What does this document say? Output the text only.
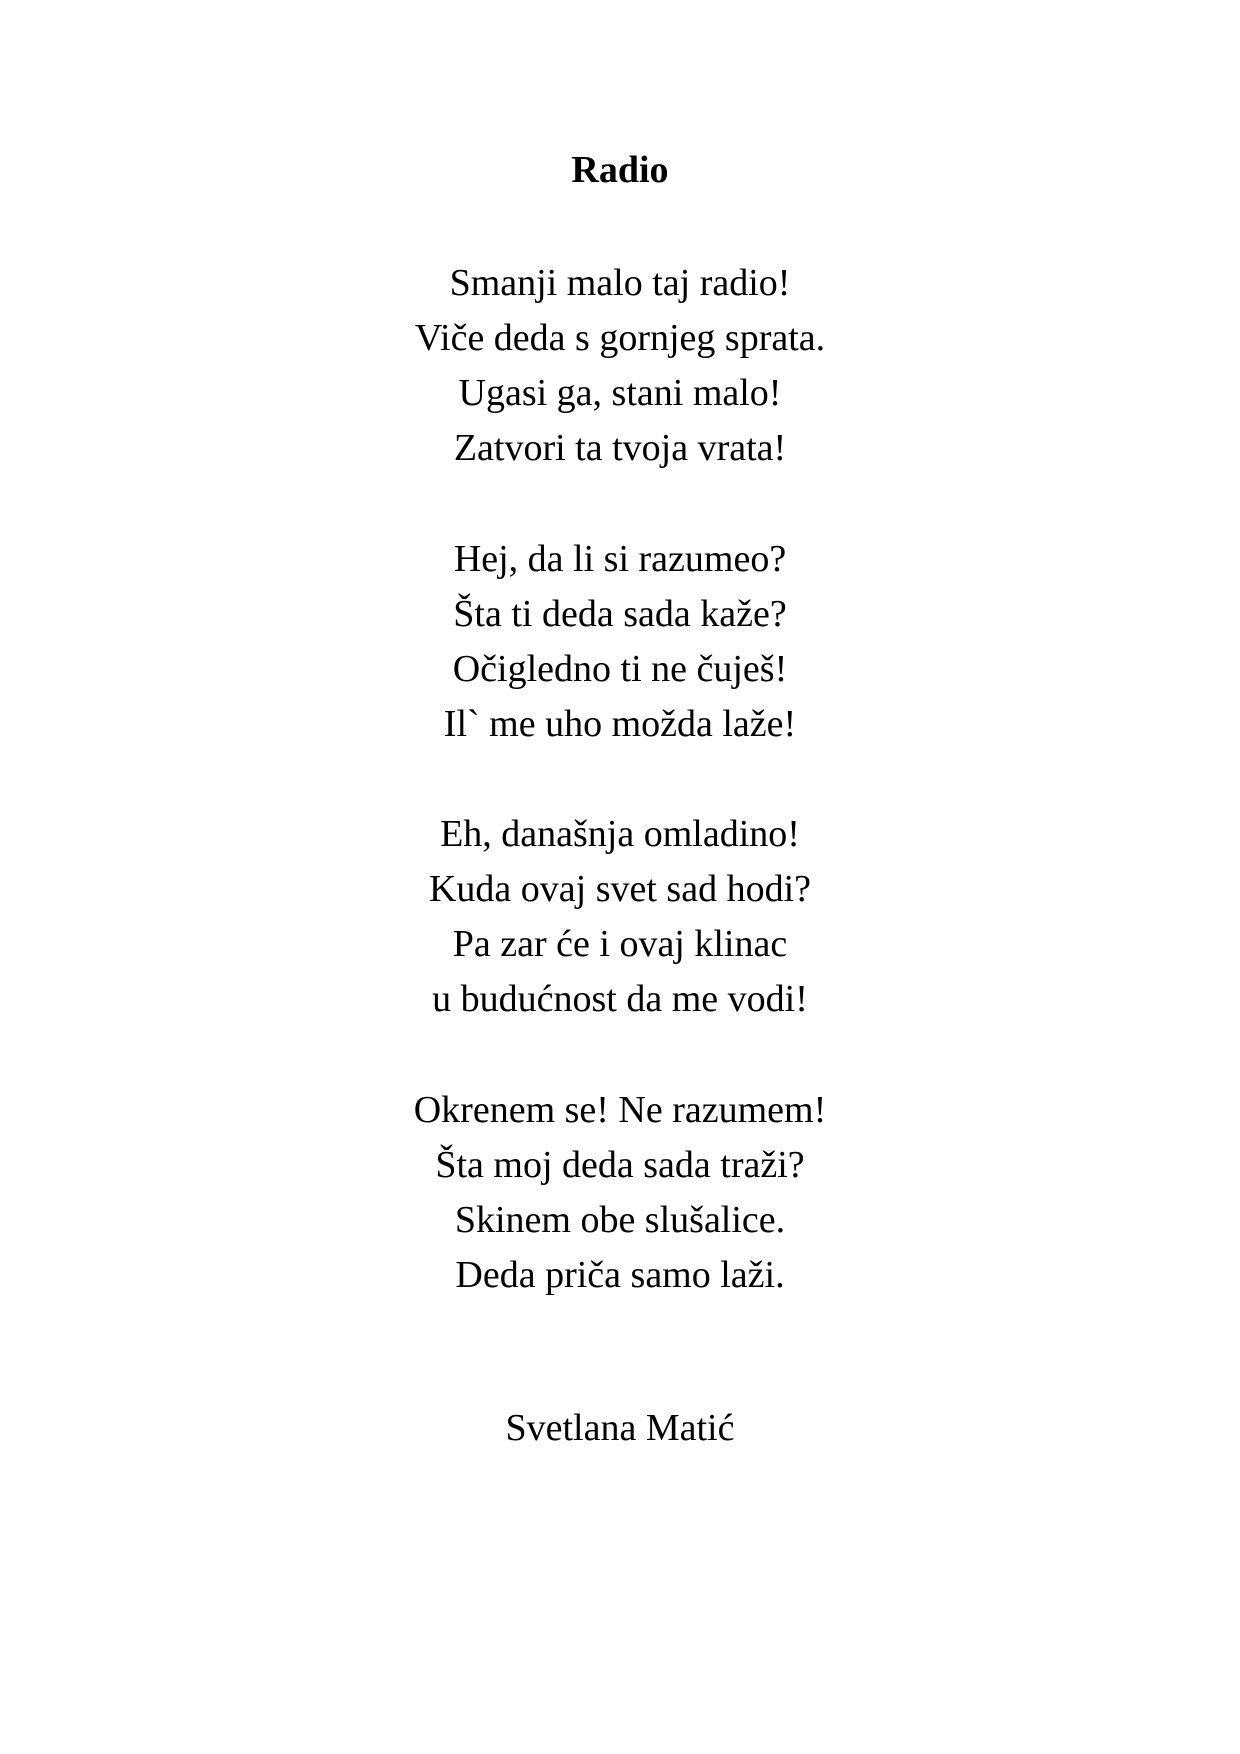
Radio
Smanji malo taj radio!
Viče deda s gornjeg sprata.
Ugasi ga, stani malo!
Zatvori ta tvoja vrata!
Hej, da li si razumeo?
Šta ti deda sada kaže?
Očigledno ti ne čuješ!
Il` me uho možda laže!
Eh, današnja omladino!
Kuda ovaj svet sad hodi?
Pa zar će i ovaj klinac
u budućnost da me vodi!
Okrenem se! Ne razumem!
Šta moj deda sada traži?
Skinem obe slušalice.
Deda priča samo laži.
Svetlana Matić
